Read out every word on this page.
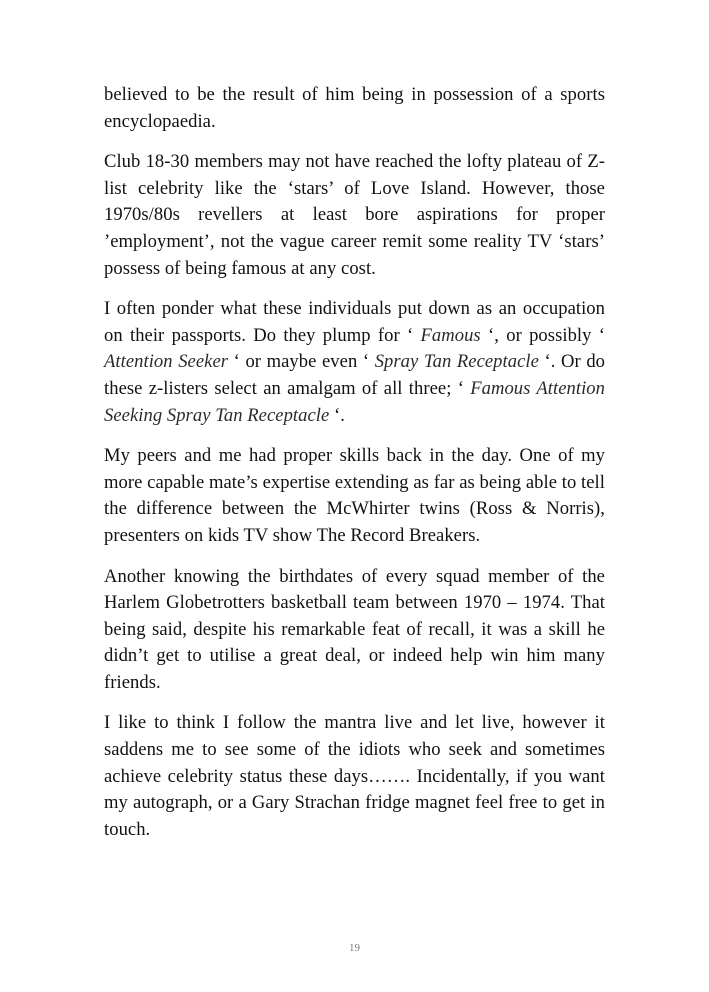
believed to be the result of him being in possession of a sports encyclopaedia.

Club 18-30 members may not have reached the lofty plateau of Z-list celebrity like the ‘stars’ of Love Island. However, those 1970s/80s revellers at least bore aspirations for proper ’employment’, not the vague career remit some reality TV ‘stars’ possess of being famous at any cost.

I often ponder what these individuals put down as an occupation on their passports. Do they plump for ‘ Famous ‘, or possibly ‘ Attention Seeker ‘ or maybe even ‘ Spray Tan Receptacle ‘. Or do these z-listers select an amalgam of all three; ‘ Famous Attention Seeking Spray Tan Receptacle ‘.

My peers and me had proper skills back in the day. One of my more capable mate’s expertise extending as far as being able to tell the difference between the McWhirter twins (Ross & Norris), presenters on kids TV show The Record Breakers.

Another knowing the birthdates of every squad member of the Harlem Globetrotters basketball team between 1970 – 1974. That being said, despite his remarkable feat of recall, it was a skill he didn’t get to utilise a great deal, or indeed help win him many friends.

I like to think I follow the mantra live and let live, however it saddens me to see some of the idiots who seek and sometimes achieve celebrity status these days……. Incidentally, if you want my autograph, or a Gary Strachan fridge magnet feel free to get in touch.

19
